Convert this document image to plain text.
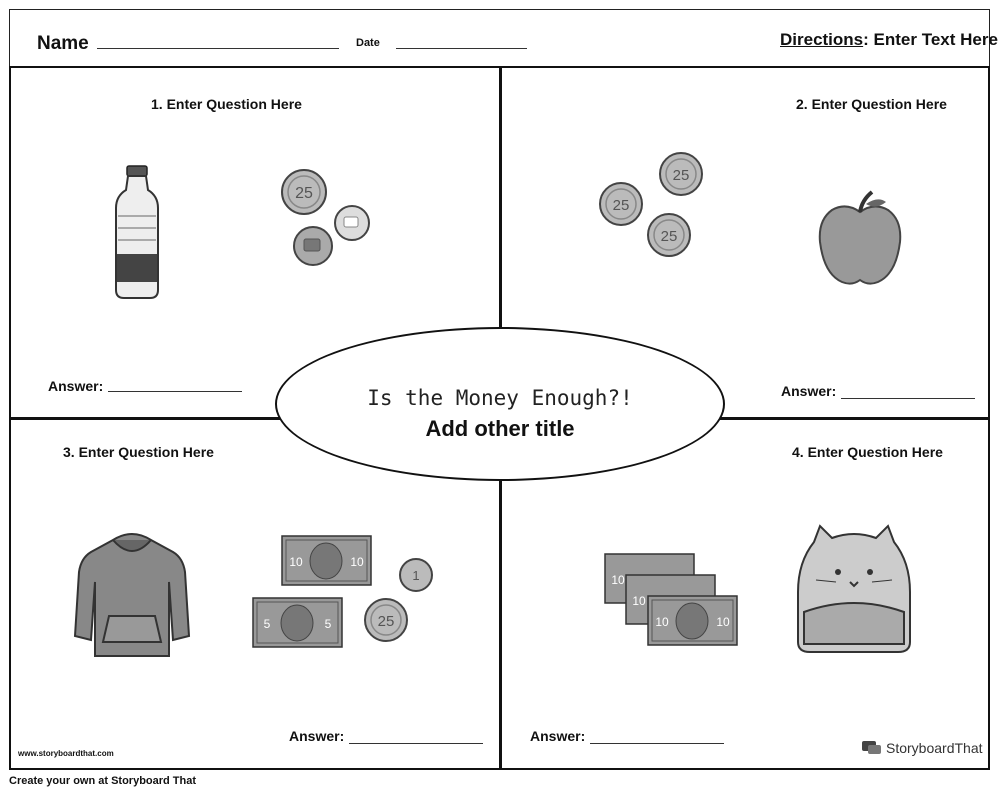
Name	Date	Directions: Enter Text Here
1. Enter Question Here
Answer:
25
2. Enter Question Here
Answer:
25
25
25
3. Enter Question Here
Answer:
10	10
5	5
1
25
4. Enter Question Here
Answer:
10
10
10	10
Is the Money Enough?!
Add other title
www.storyboardthat.com	StoryboardThat
Create your own at Storyboard That
